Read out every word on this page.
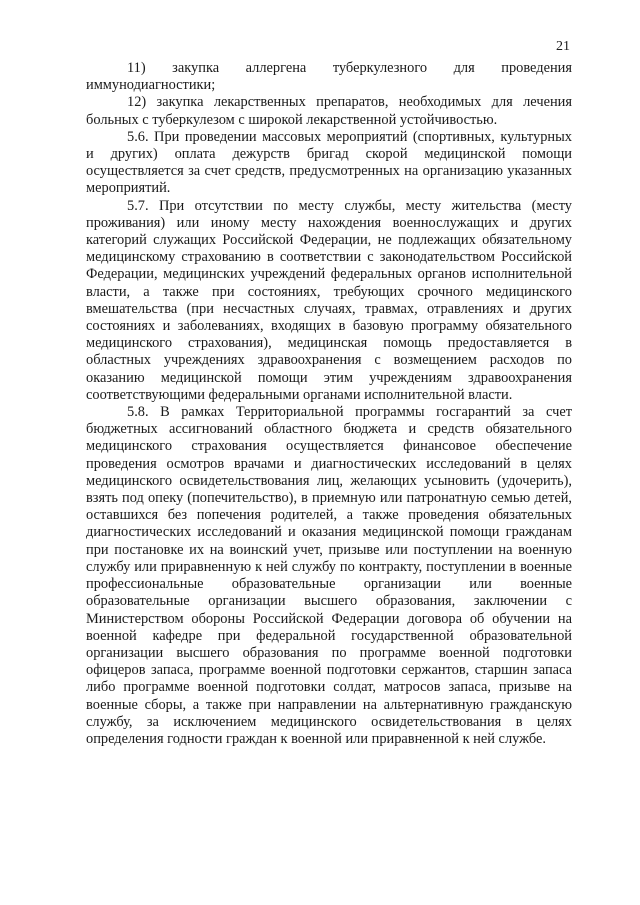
21

11) закупка аллергена туберкулезного для проведения иммунодиагностики;

12) закупка лекарственных препаратов, необходимых для лечения больных с туберкулезом с широкой лекарственной устойчивостью.

5.6. При проведении массовых мероприятий (спортивных, культурных и других) оплата дежурств бригад скорой медицинской помощи осуществляется за счет средств, предусмотренных на организацию указанных мероприятий.

5.7. При отсутствии по месту службы, месту жительства (месту проживания) или иному месту нахождения военнослужащих и других категорий служащих Российской Федерации, не подлежащих обязательному медицинскому страхованию в соответствии с законодательством Российской Федерации, медицинских учреждений федеральных органов исполнительной власти, а также при состояниях, требующих срочного медицинского вмешательства (при несчастных случаях, травмах, отравлениях и других состояниях и заболеваниях, входящих в базовую программу обязательного медицинского страхования), медицинская помощь предоставляется в областных учреждениях здравоохранения с возмещением расходов по оказанию медицинской помощи этим учреждениям здравоохранения соответствующими федеральными органами исполнительной власти.

5.8. В рамках Территориальной программы госгарантий за счет бюджетных ассигнований областного бюджета и средств обязательного медицинского страхования осуществляется финансовое обеспечение проведения осмотров врачами и диагностических исследований в целях медицинского освидетельствования лиц, желающих усыновить (удочерить), взять под опеку (попечительство), в приемную или патронатную семью детей, оставшихся без попечения родителей, а также проведения обязательных диагностических исследований и оказания медицинской помощи гражданам при постановке их на воинский учет, призыве или поступлении на военную службу или приравненную к ней службу по контракту, поступлении в военные профессиональные образовательные организации или военные образовательные организации высшего образования, заключении с Министерством обороны Российской Федерации договора об обучении на военной кафедре при федеральной государственной образовательной организации высшего образования по программе военной подготовки офицеров запаса, программе военной подготовки сержантов, старшин запаса либо программе военной подготовки солдат, матросов запаса, призыве на военные сборы, а также при направлении на альтернативную гражданскую службу, за исключением медицинского освидетельствования в целях определения годности граждан к военной или приравненной к ней службе.
